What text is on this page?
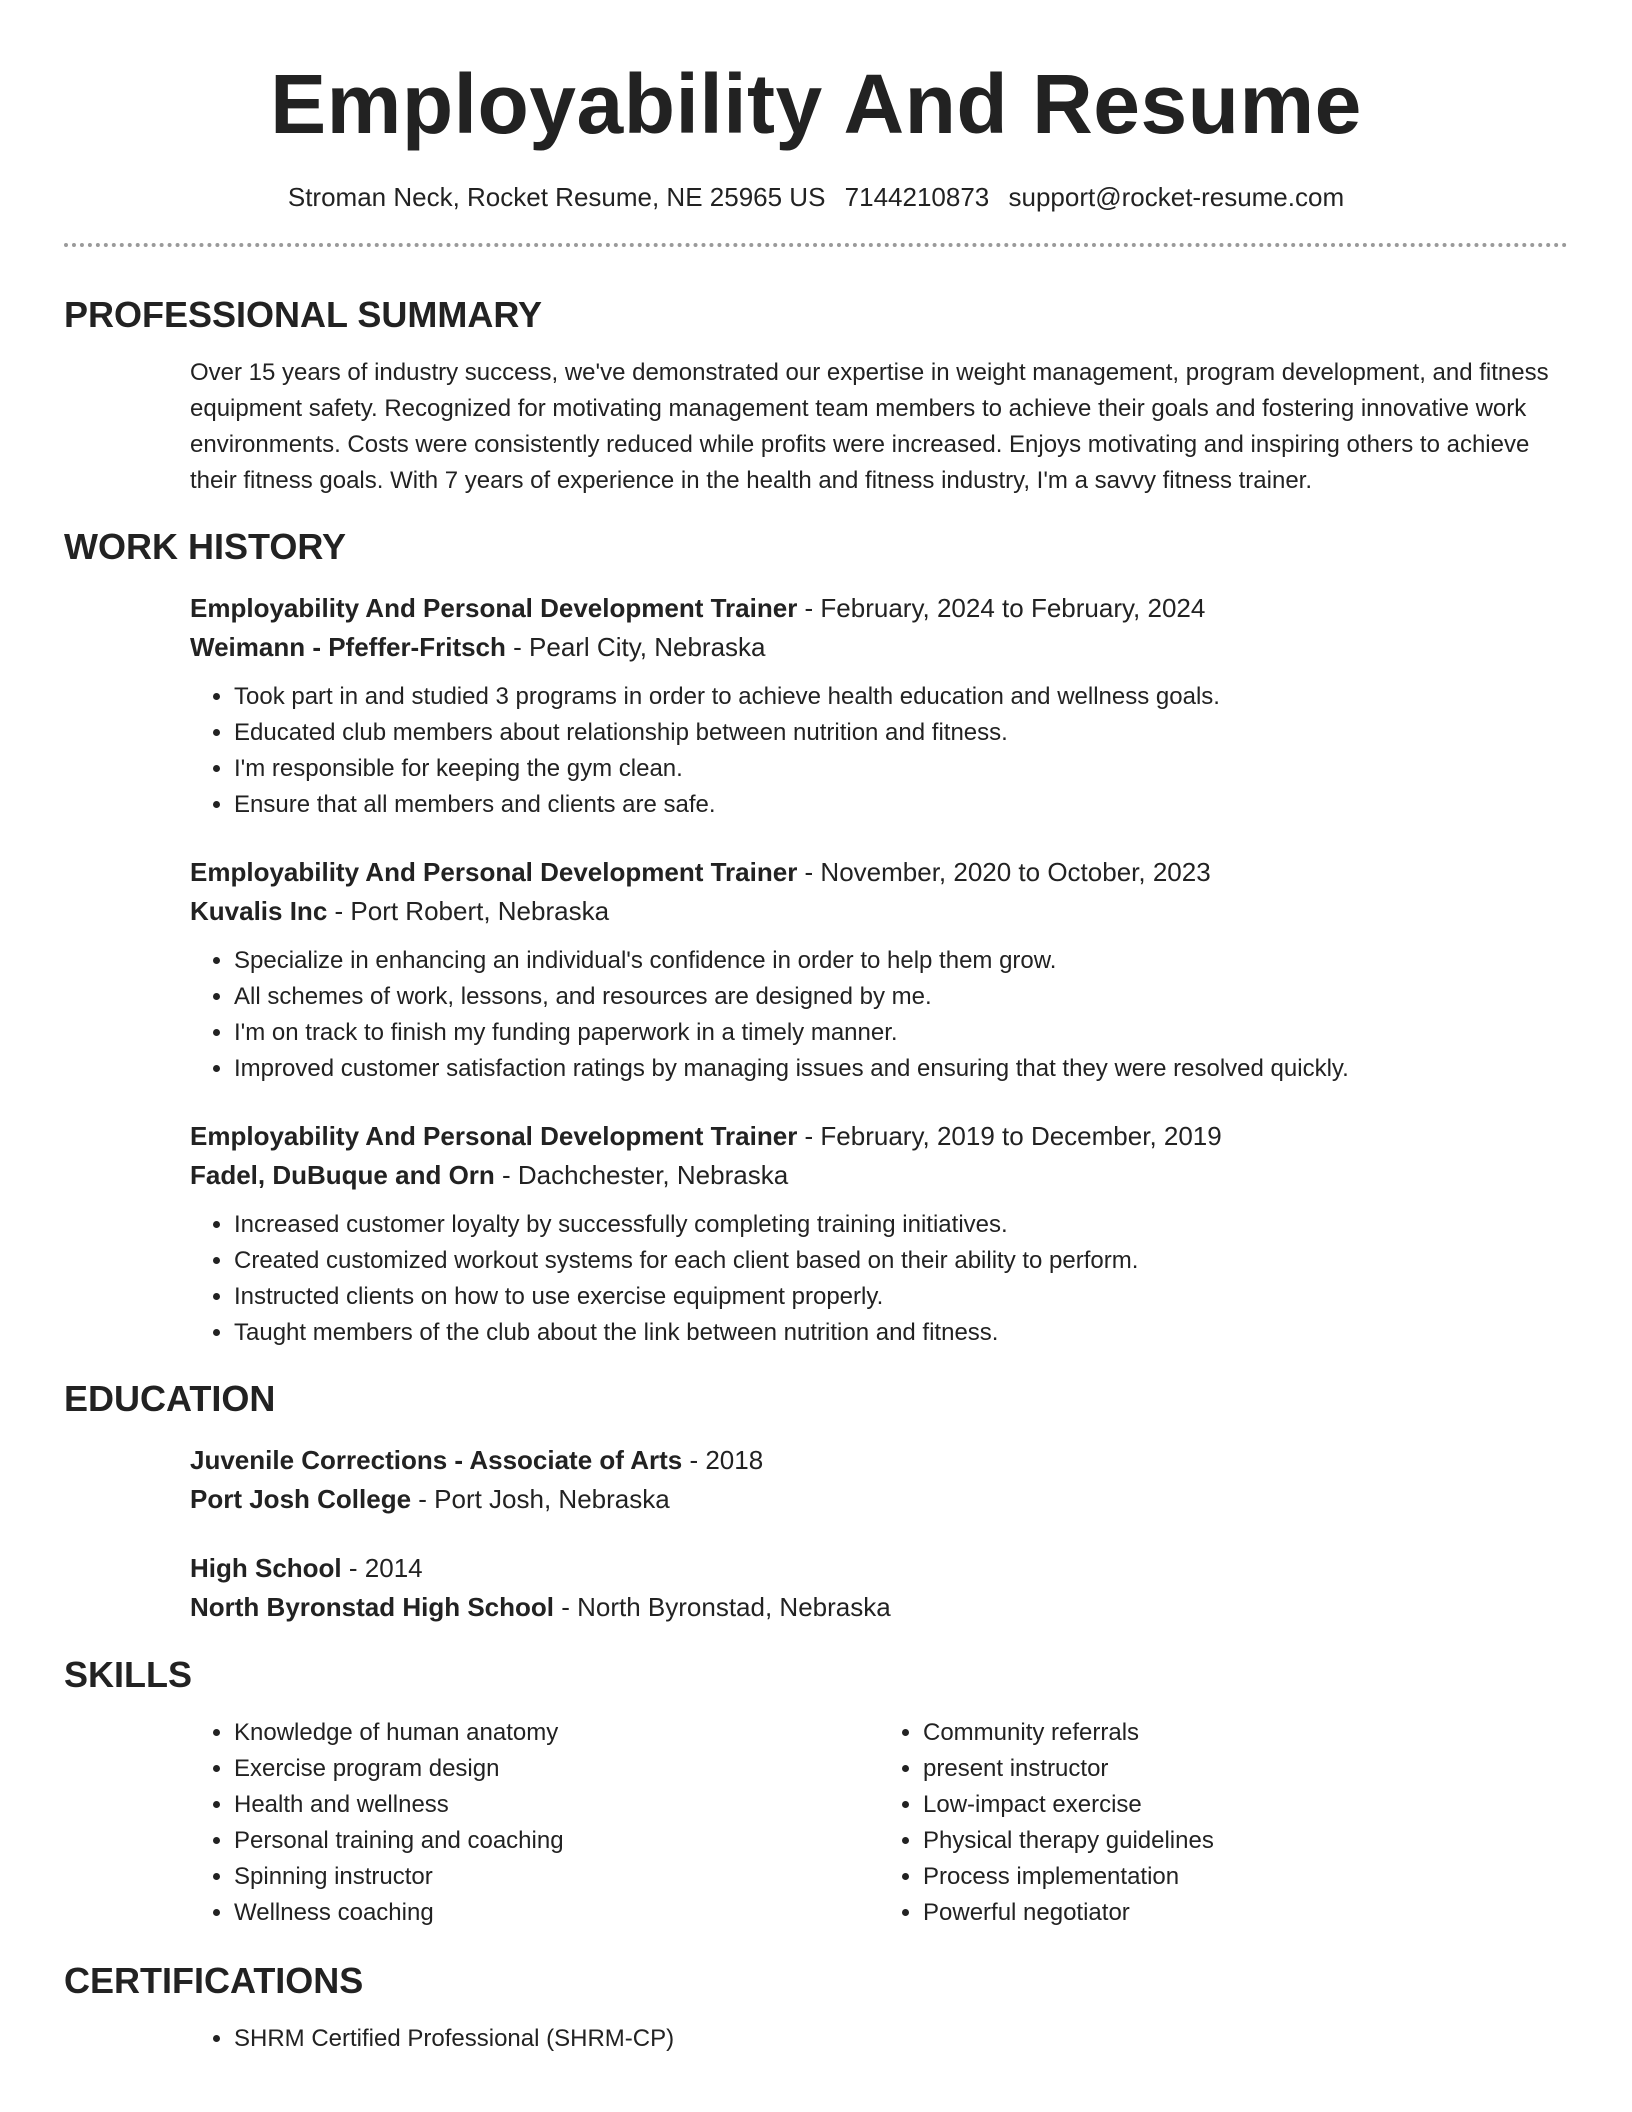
Employability And Resume
Stroman Neck, Rocket Resume, NE 25965 US 7144210873 support@rocket-resume.com
PROFESSIONAL SUMMARY
Over 15 years of industry success, we've demonstrated our expertise in weight management, program development, and fitness equipment safety. Recognized for motivating management team members to achieve their goals and fostering innovative work environments. Costs were consistently reduced while profits were increased. Enjoys motivating and inspiring others to achieve their fitness goals. With 7 years of experience in the health and fitness industry, I'm a savvy fitness trainer.
WORK HISTORY
Employability And Personal Development Trainer - February, 2024 to February, 2024
Weimann - Pfeffer-Fritsch - Pearl City, Nebraska
• Took part in and studied 3 programs in order to achieve health education and wellness goals.
• Educated club members about relationship between nutrition and fitness.
• I'm responsible for keeping the gym clean.
• Ensure that all members and clients are safe.
Employability And Personal Development Trainer - November, 2020 to October, 2023
Kuvalis Inc - Port Robert, Nebraska
• Specialize in enhancing an individual's confidence in order to help them grow.
• All schemes of work, lessons, and resources are designed by me.
• I'm on track to finish my funding paperwork in a timely manner.
• Improved customer satisfaction ratings by managing issues and ensuring that they were resolved quickly.
Employability And Personal Development Trainer - February, 2019 to December, 2019
Fadel, DuBuque and Orn - Dachchester, Nebraska
• Increased customer loyalty by successfully completing training initiatives.
• Created customized workout systems for each client based on their ability to perform.
• Instructed clients on how to use exercise equipment properly.
• Taught members of the club about the link between nutrition and fitness.
EDUCATION
Juvenile Corrections - Associate of Arts - 2018
Port Josh College - Port Josh, Nebraska
High School - 2014
North Byronstad High School - North Byronstad, Nebraska
SKILLS
• Knowledge of human anatomy
• Exercise program design
• Health and wellness
• Personal training and coaching
• Spinning instructor
• Wellness coaching
• Community referrals
• present instructor
• Low-impact exercise
• Physical therapy guidelines
• Process implementation
• Powerful negotiator
CERTIFICATIONS
• SHRM Certified Professional (SHRM-CP)
